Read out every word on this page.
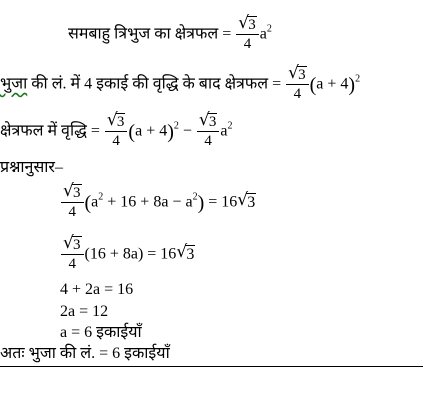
समबाहु त्रिभुज का क्षेत्रफल = $\frac{√ 3}{4} a^2$
भुजा की लं. में 4 इकाई की वृद्धि के बाद क्षेत्रफल = $\frac{√ 3}{4} (a + 4)^2$
क्षेत्रफल में वृद्धि = $\frac{√ 3}{4} (a + 4)^2 - \frac{√ 3}{4} a^2$
प्रश्नानुसार–
$\frac{√ 3}{4} (a^2 + 16 + 8a - a^2) = 16$ √ 3
$\frac{√ 3}{4} (16 + 8a) = 16$ √ 3
4 + 2a = 16
2a = 12
a = 6 इकाईयाँ
अतः भुजा की लं. = 6 इकाईयाँ
